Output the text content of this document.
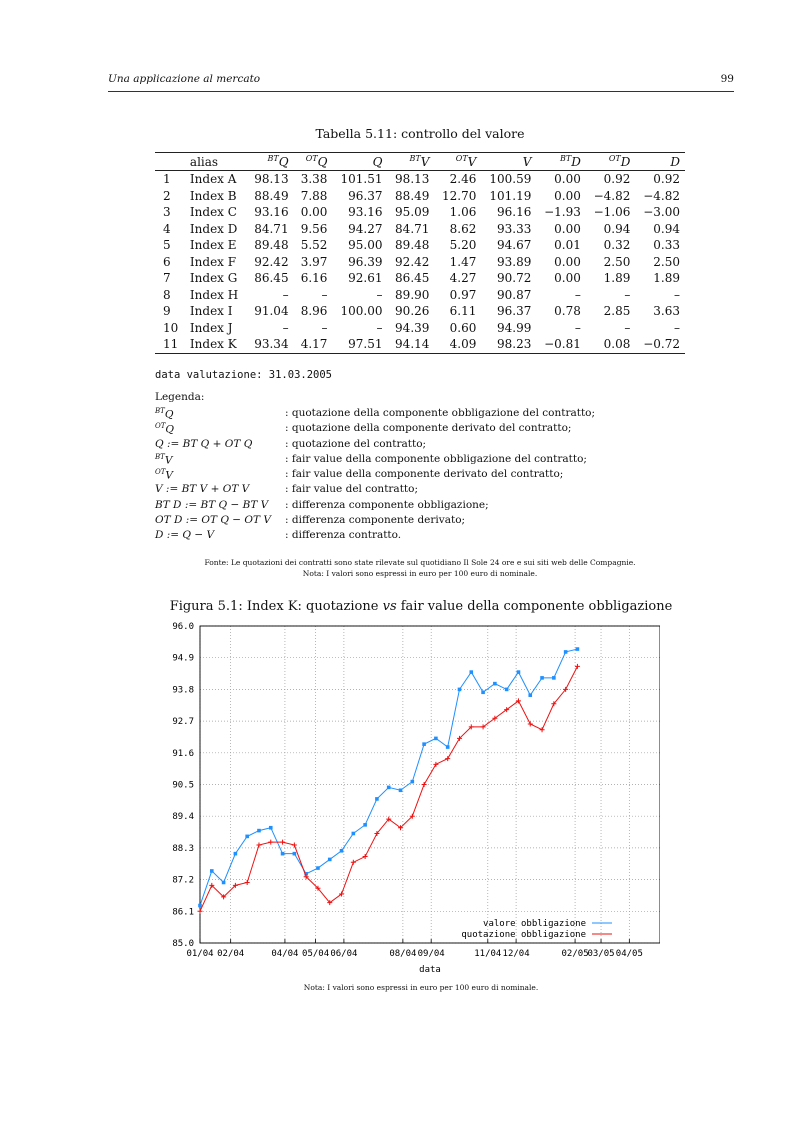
Una applicazione al mercato	99
Tabella 5.11: controllo del valore
	alias	$^{BT}$Q	$^{OT}$Q	Q	$^{BT}$V	$^{OT}$V	V	$^{BT}$D	$^{OT}$D	D
1	Index A	98.13	3.38	101.51	98.13	2.46	100.59	0.00	0.92	0.92
2	Index B	88.49	7.88	96.37	88.49	12.70	101.19	0.00	−4.82	−4.82
3	Index C	93.16	0.00	93.16	95.09	1.06	96.16	−1.93	−1.06	−3.00
4	Index D	84.71	9.56	94.27	84.71	8.62	93.33	0.00	0.94	0.94
5	Index E	89.48	5.52	95.00	89.48	5.20	94.67	0.01	0.32	0.33
6	Index F	92.42	3.97	96.39	92.42	1.47	93.89	0.00	2.50	2.50
7	Index G	86.45	6.16	92.61	86.45	4.27	90.72	0.00	1.89	1.89
8	Index H	–	–	–	89.90	0.97	90.87	–	–	–
9	Index I	91.04	8.96	100.00	90.26	6.11	96.37	0.78	2.85	3.63
10	Index J	–	–	–	94.39	0.60	94.99	–	–	–
11	Index K	93.34	4.17	97.51	94.14	4.09	98.23	−0.81	0.08	−0.72
data valutazione: 31.03.2005
Legenda:
$^{BT}$Q	: quotazione della componente obbligazione del contratto;
$^{OT}$Q	: quotazione della componente derivato del contratto;
Q := BT Q + OT Q	: quotazione del contratto;
$^{BT}$V	: fair value della componente obbligazione del contratto;
$^{OT}$V	: fair value della componente derivato del contratto;
V := BT V + OT V	: fair value del contratto;
BT D := BT Q − BT V : differenza componente obbligazione;
OT D := OT Q − OT V : differenza componente derivato;
D := Q − V	: differenza contratto.
Fonte: Le quotazioni dei contratti sono state rilevate sul quotidiano Il Sole 24 ore e sui siti web delle Compagnie.
Nota: I valori sono espressi in euro per 100 euro di nominale.
Figura 5.1: Index K: quotazione vs fair value della componente obbligazione
85.0
86.1
87.2
88.3
89.4
90.5
91.6
92.7
93.8
94.9
96.0
01/04 02/04	04/04 05/04 06/04	08/04 09/04	11/04 12/04	02/05
03/05 04/05
data
valore obbligazione
quotazione obbligazione
Nota: I valori sono espressi in euro per 100 euro di nominale.
